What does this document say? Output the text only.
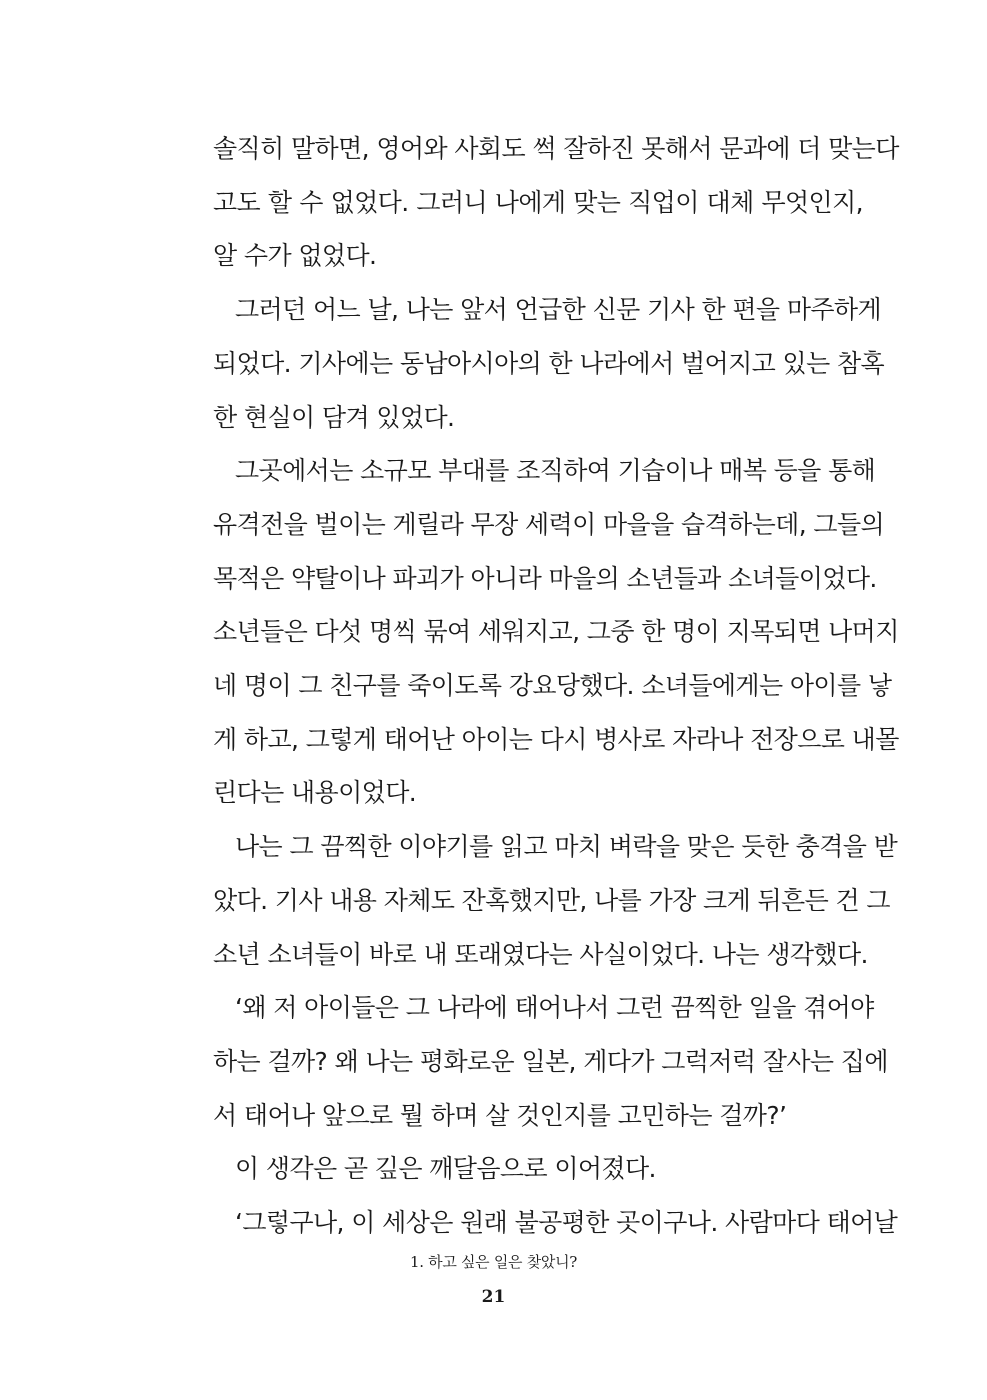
솔직히 말하면, 영어와 사회도 썩 잘하진 못해서 문과에 더 맞는다
고도 할 수 없었다. 그러니 나에게 맞는 직업이 대체 무엇인지,
알 수가 없었다.
그러던 어느 날, 나는 앞서 언급한 신문 기사 한 편을 마주하게
되었다. 기사에는 동남아시아의 한 나라에서 벌어지고 있는 참혹
한 현실이 담겨 있었다.
그곳에서는 소규모 부대를 조직하여 기습이나 매복 등을 통해
유격전을 벌이는 게릴라 무장 세력이 마을을 습격하는데, 그들의
목적은 약탈이나 파괴가 아니라 마을의 소년들과 소녀들이었다.
소년들은 다섯 명씩 묶여 세워지고, 그중 한 명이 지목되면 나머지
네 명이 그 친구를 죽이도록 강요당했다. 소녀들에게는 아이를 낳
게 하고, 그렇게 태어난 아이는 다시 병사로 자라나 전장으로 내몰
린다는 내용이었다.
나는 그 끔찍한 이야기를 읽고 마치 벼락을 맞은 듯한 충격을 받
았다. 기사 내용 자체도 잔혹했지만, 나를 가장 크게 뒤흔든 건 그
소년 소녀들이 바로 내 또래였다는 사실이었다. 나는 생각했다.
‘왜 저 아이들은 그 나라에 태어나서 그런 끔찍한 일을 겪어야
하는 걸까? 왜 나는 평화로운 일본, 게다가 그럭저럭 잘사는 집에
서 태어나 앞으로 뭘 하며 살 것인지를 고민하는 걸까?’
이 생각은 곧 깊은 깨달음으로 이어졌다.
‘그렇구나, 이 세상은 원래 불공평한 곳이구나. 사람마다 태어날
1. 하고 싶은 일은 찾았니?
21
